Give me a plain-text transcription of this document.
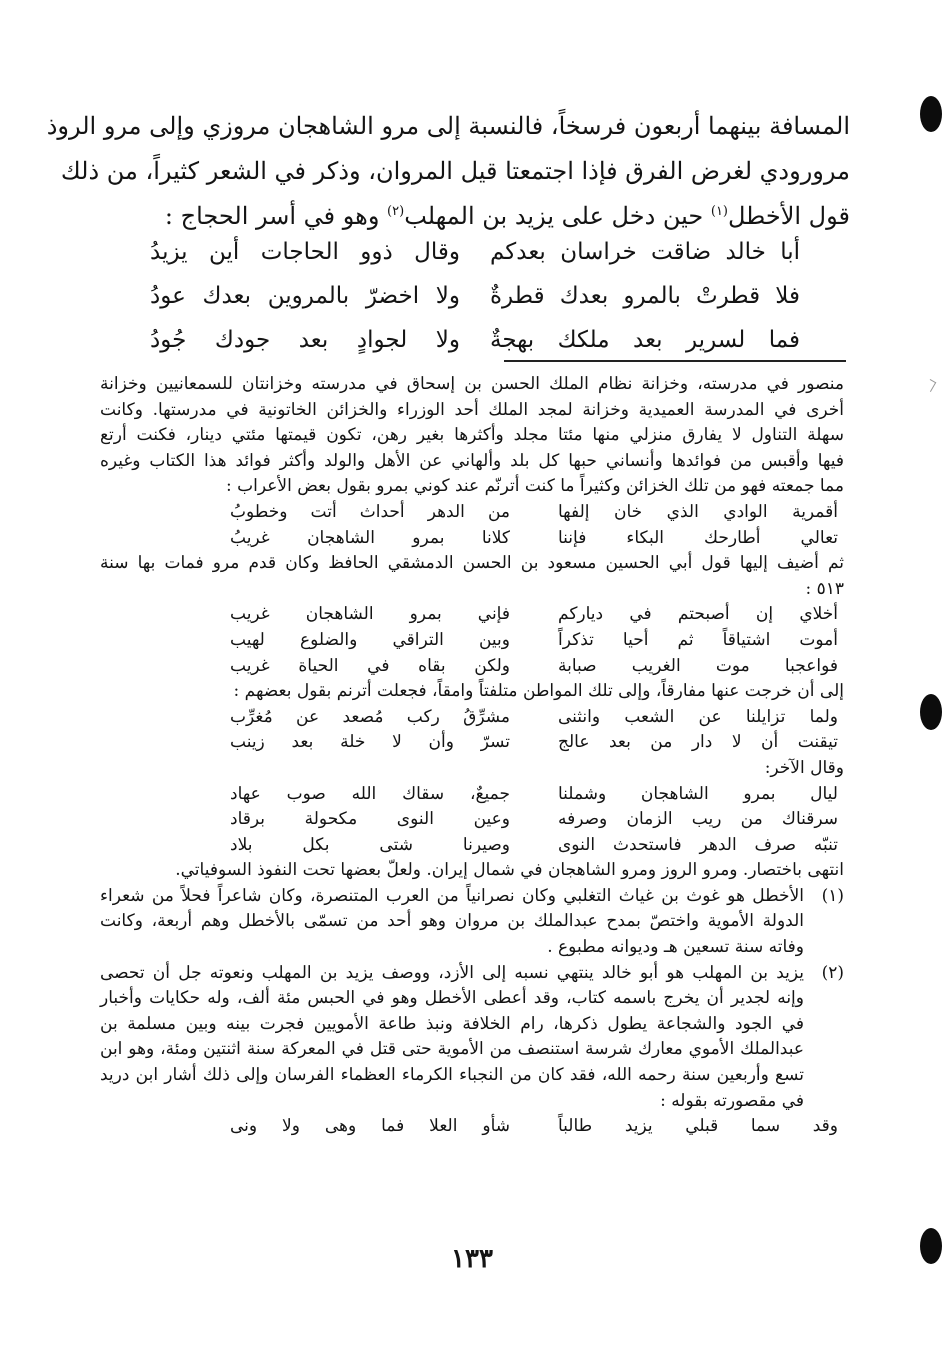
المسافة بينهما أربعون فرسخاً، فالنسبة إلى مرو الشاهجان مروزي وإلى مرو الروذ
مرورودي لغرض الفرق فإذا اجتمعتا قيل المروان، وذكر في الشعر كثيراً، من ذلك
قول الأخطل$^{(١)}$ حين دخل على يزيد بن المهلب$^{(٢)}$ وهو في أسر الحجاج :
أبا خالد ضاقت خراسان بعدكم
وقال ذوو الحاجات أين يزيدُ
فلا قطرتْ بالمرو بعدك قطرةٌ
ولا اخضرّ بالمروين بعدك عودُ
فما لسرير بعد ملكك بهجةٌ
ولا لجوادٍ بعد جودك جُودُ
منصور في مدرسته، وخزانة نظام الملك الحسن بن إسحاق في مدرسته وخزانتان للسمعانيين وخزانة
أخرى في المدرسة العميدية وخزانة لمجد الملك أحد الوزراء والخزائن الخاتونية في مدرستها. وكانت
سهلة التناول لا يفارق منزلي منها مئتا مجلد وأكثرها بغير رهن، تكون قيمتها مئتي دينار، فكنت أرتع
فيها وأقبس من فوائدها وأنساني حبها كل بلد وألهاني عن الأهل والولد وأكثر فوائد هذا الكتاب وغيره
مما جمعته فهو من تلك الخزائن وكثيراً ما كنت أترنّم عند كوني بمرو بقول بعض الأعراب :
أقمرية الوادي الذي خان إلفها
من الدهر أحداث أتت وخطوبُ
تعالي أطارحك البكاء فإننا
كلانا بمرو الشاهجان غريبُ
ثم أضيف إليها قول أبي الحسين مسعود بن الحسن الدمشقي الحافظ وكان قدم مرو فمات بها سنة
٥١٣ :
أخلاي إن أصبحتم في دياركم
فإني بمرو الشاهجان غريب
أموت اشتياقاً ثم أحيا تذكراً
وبين التراقي والضلوع لهيب
فواعجبا موت الغريب صبابة
ولكن بقاه في الحياة غريب
إلى أن خرجت عنها مفارقاً، وإلى تلك المواطن متلفتاً وامقاً، فجعلت أترنم بقول بعضهم :
ولما تزايلنا عن الشعب وانثنى
مشرِّقُ ركب مُصعد عن مُغرِّب
تيقنت أن لا دار من بعد عالج
تسرّ وأن لا خلة بعد زينب
وقال الآخر:
ليال بمرو الشاهجان وشملنا
جميعٌ، سقاك الله صوب عهاد
سرقناك من ريب الزمان وصرفه
وعين النوى مكحولة برقاد
تنبّه صرف الدهر فاستحدث النوى
وصيرنا شتى بكل بلاد
انتهى باختصار. ومرو الروز ومرو الشاهجان في شمال إيران. ولعلّ بعضها تحت النفوذ السوفياتي.
(١)
الأخطل هو غوث بن غياث التغلبي وكان نصرانياً من العرب المتنصرة، وكان شاعراً فحلاً من شعراء
الدولة الأموية واختصّ بمدح عبدالملك بن مروان وهو أحد من تسمّى بالأخطل وهم أربعة، وكانت
وفاته سنة تسعين هـ وديوانه مطبوع .
(٢)
يزيد بن المهلب هو أبو خالد ينتهي نسبه إلى الأزد، ووصف يزيد بن المهلب ونعوته جل أن تحصى
وإنه لجدير أن يخرج باسمه كتاب، وقد أعطى الأخطل وهو في الحبس مئة ألف، وله حكايات وأخبار
في الجود والشجاعة يطول ذكرها، رام الخلافة ونبذ طاعة الأمويين فجرت بينه وبين مسلمة بن
عبدالملك الأموي معارك شرسة استنصف من الأموية حتى قتل في المعركة سنة اثنتين ومئة، وهو ابن
تسع وأربعين سنة رحمه الله، فقد كان من النجباء الكرماء العظماء الفرسان وإلى ذلك أشار ابن دريد
في مقصورته بقوله :
وقد سما قبلي يزيد طالباً
شأو العلا فما وهى ولا ونى
١٣٣
